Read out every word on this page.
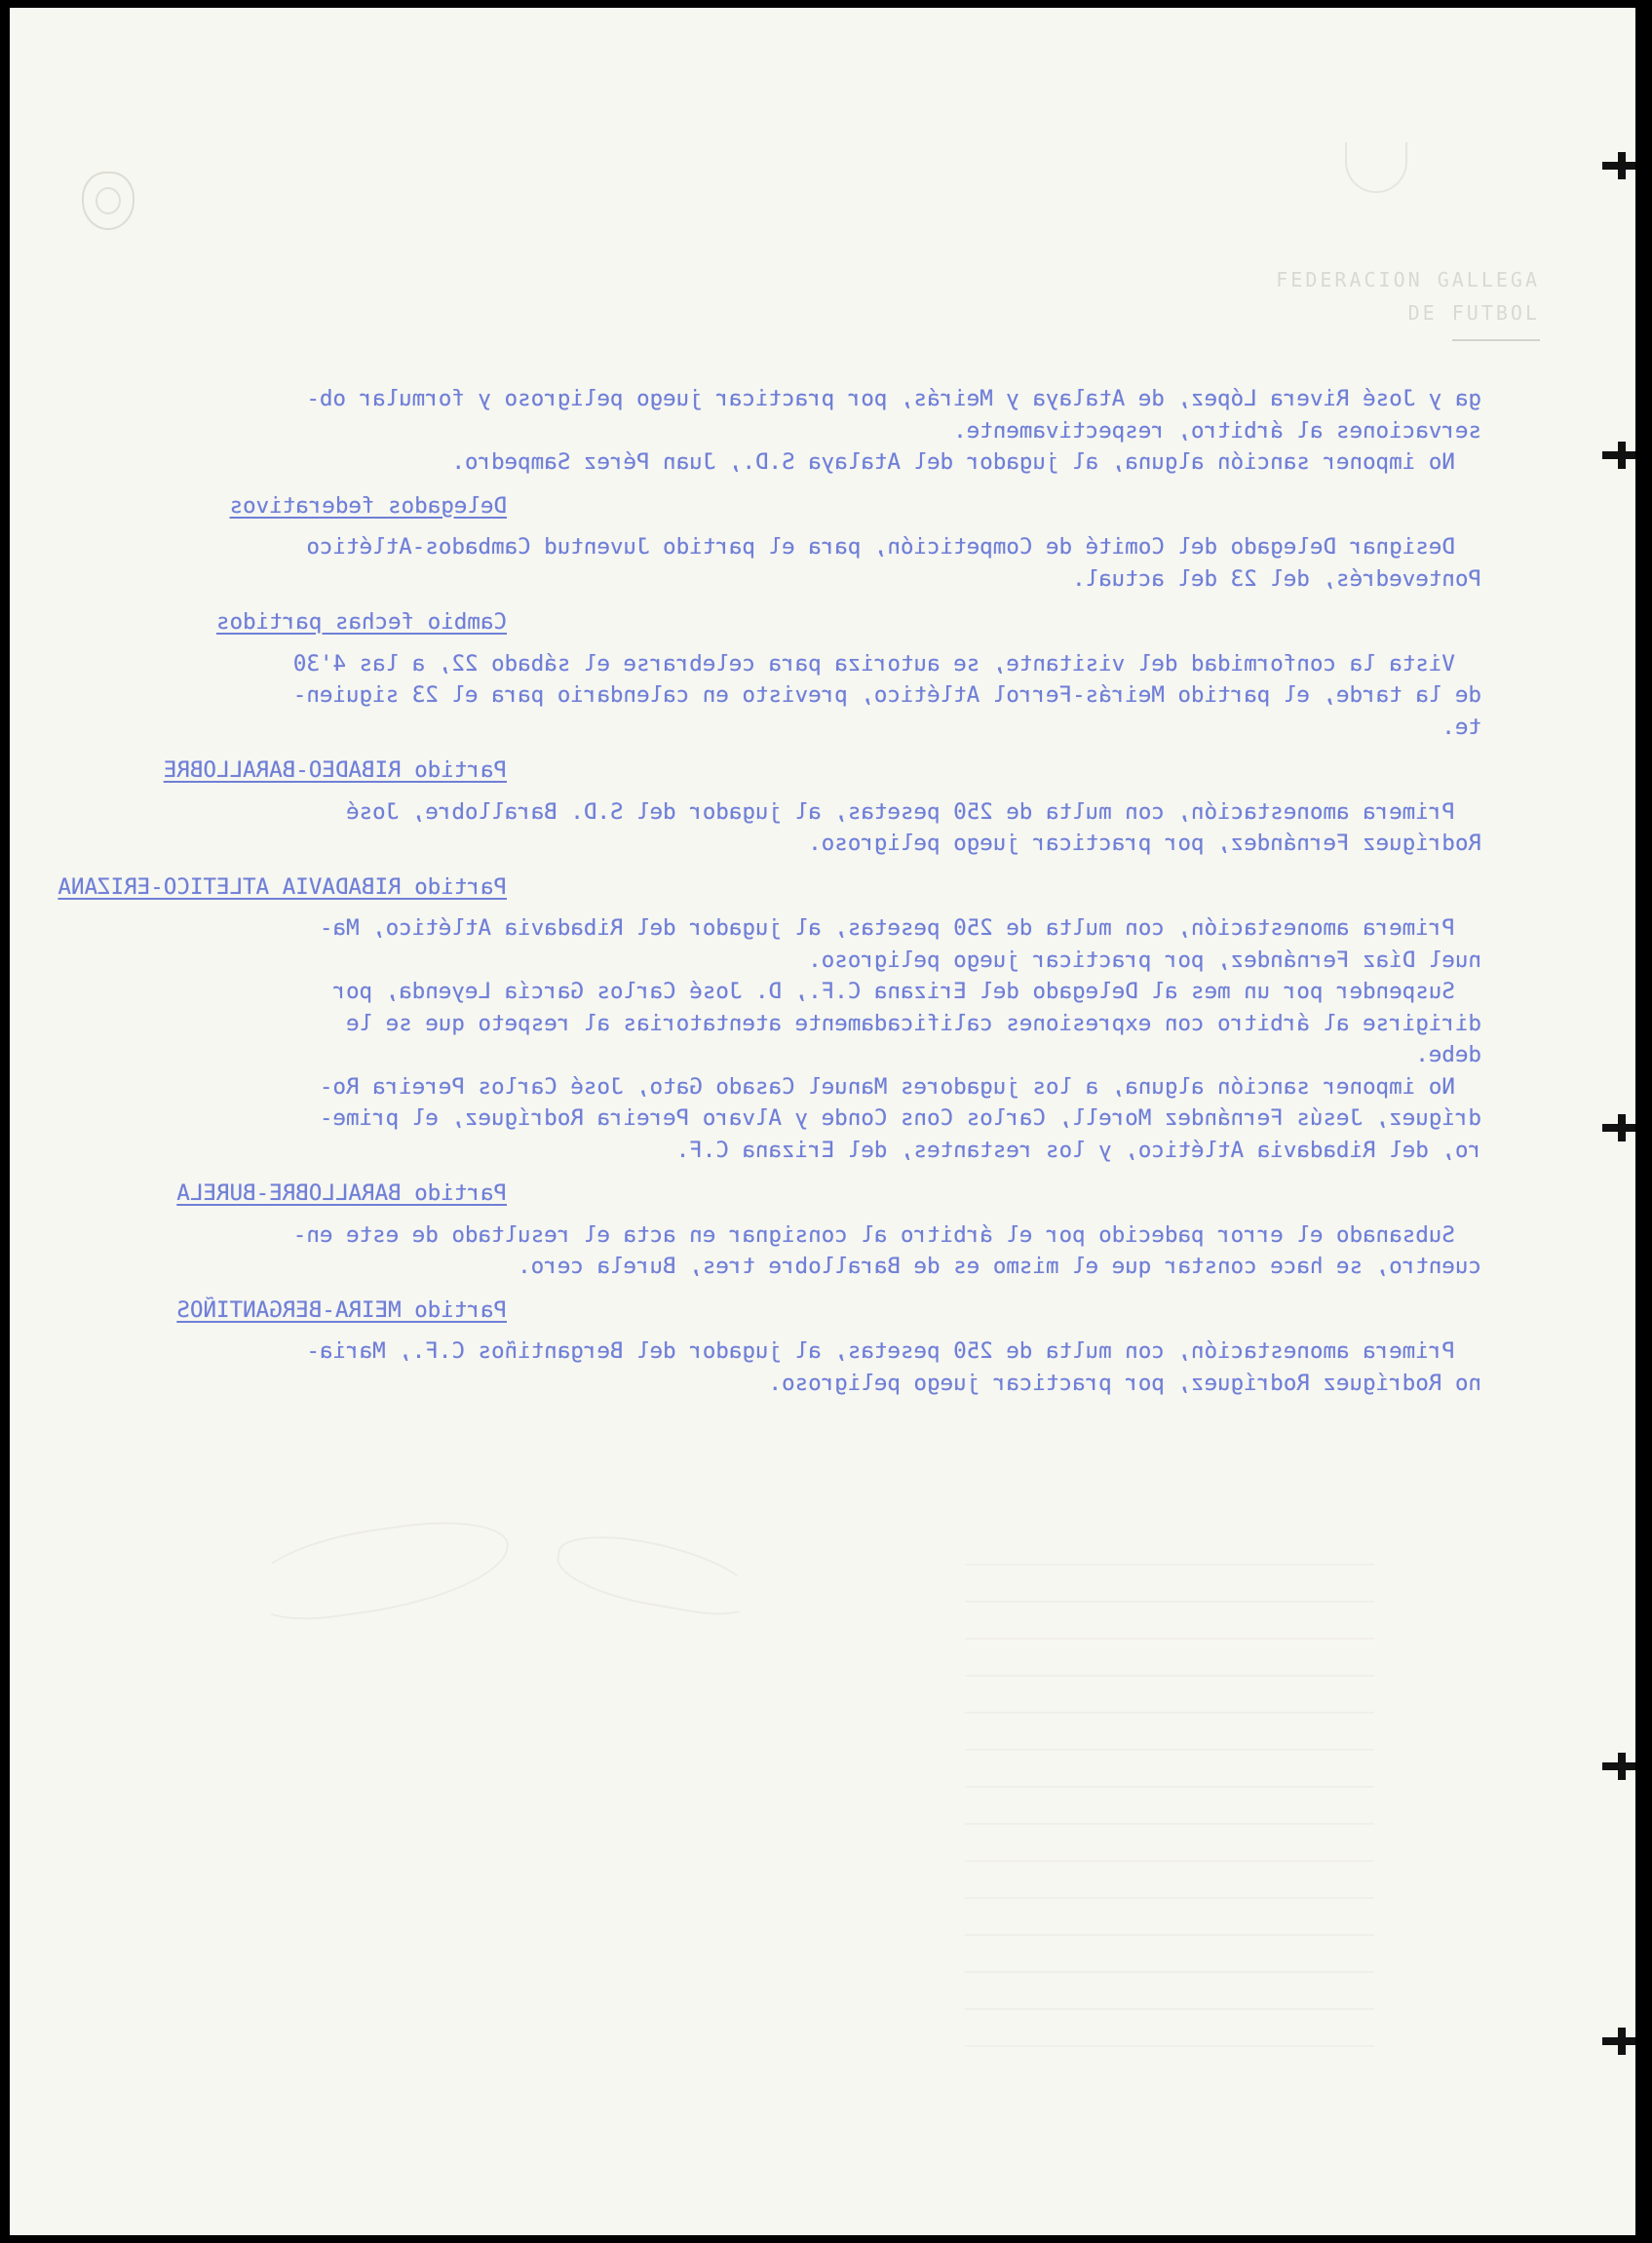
FEDERACION GALLEGA
DE FUTBOL

ga y José Rivera López, de Atalaya y Meirás, por practicar juego peligroso y formular ob-

servaciones al árbitro, respectivamente.

No imponer sanción alguna, al jugador del Atalaya S.D., Juan Pérez Sampedro.

Delegados federativos

Designar Delegado del Comité de Competición, para el partido Juventud Cambados-Atlético

Pontevedrés, del 23 del actual.

Cambio fechas partidos

Vista la conformidad del visitante, se autoriza para celebrarse el sábado 22, a las 4'30

de la tarde, el partido Meirás-Ferrol Atlético, previsto en calendario para el 23 siguien-

te.

Partido RIBADEO-BARALLOBRE

Primera amonestación, con multa de 250 pesetas, al jugador del S.D. Barallobre, José

Rodríguez Fernández, por practicar juego peligroso.

Partido RIBADAVIA ATLETICO-ERIZANA

Primera amonestación, con multa de 250 pesetas, al jugador del Ribadavia Atlético, Ma-

nuel Díaz Fernández, por practicar juego peligroso.

Suspender por un mes al Delegado del Erizana C.F., D. José Carlos García Leyenda, por

dirigirse al árbitro con expresiones calificadamente atentatorias al respeto que se le

debe.

No imponer sanción alguna, a los jugadores Manuel Casado Gato, José Carlos Pereira Ro-

dríguez, Jesús Fernández Morell, Carlos Cons Conde y Alvaro Pereira Rodríguez, el prime-

ro, del Ribadavia Atlético, y los restantes, del Erizana C.F.

Partido BARALLOBRE-BURELA

Subsanado el error padecido por el árbitro al consignar en acta el resultado de este en-

cuentro, se hace constar que el mismo es de Barallobre tres, Burela cero.

Partido MEIRA-BERGANTIÑOS

Primera amonestación, con multa de 250 pesetas, al jugador del Bergantiños C.F., Maria-

no Rodríguez Rodríguez, por practicar juego peligroso.
